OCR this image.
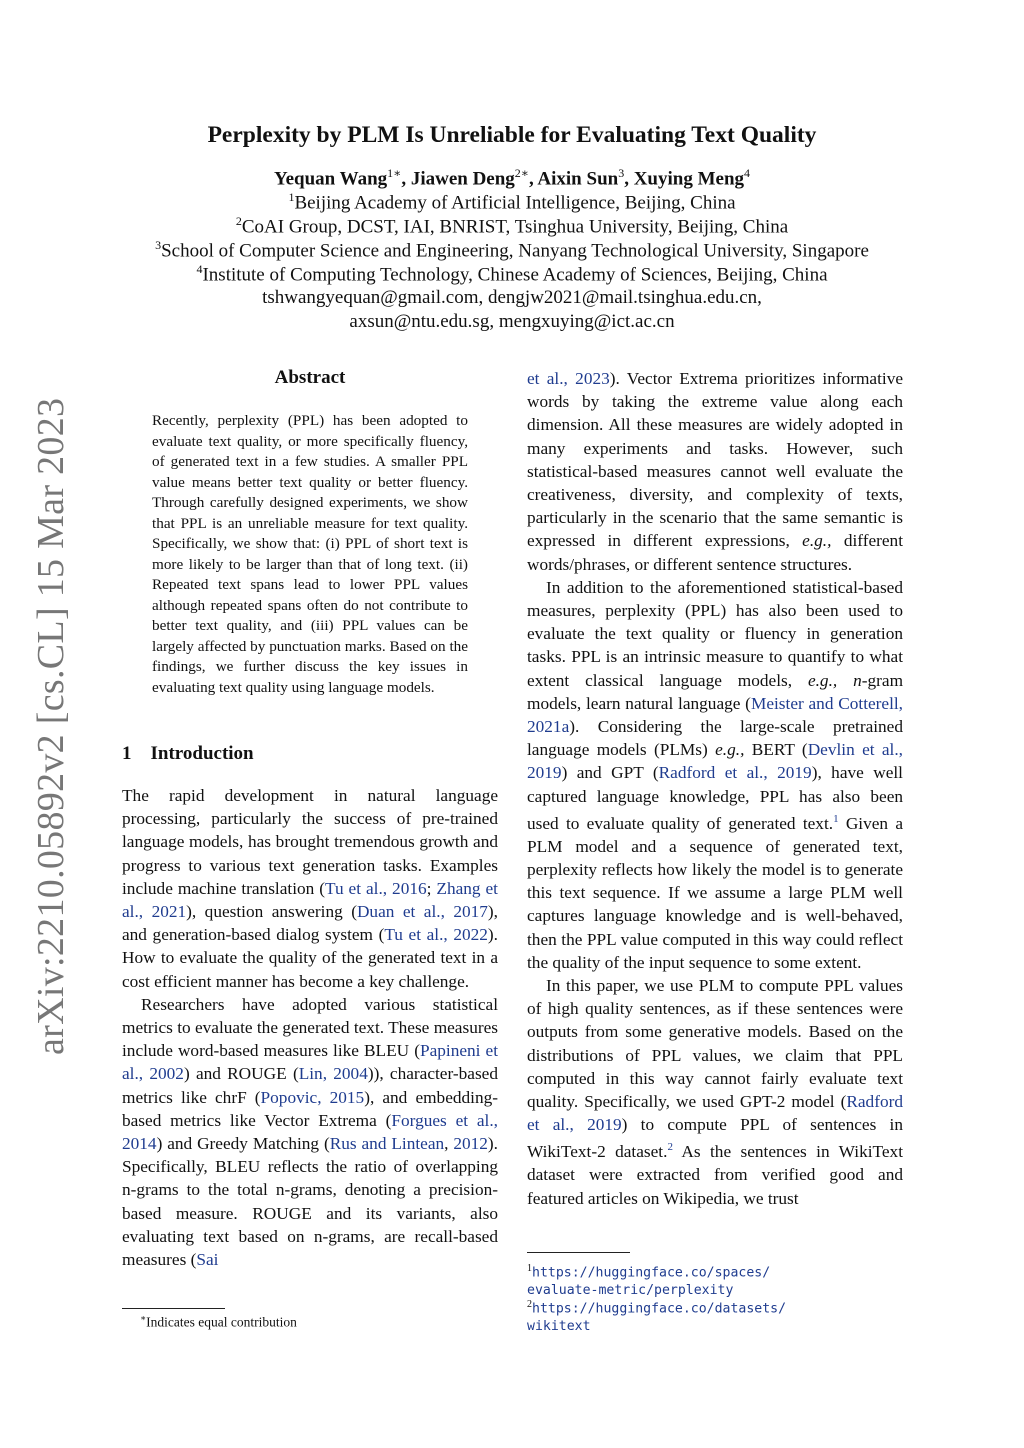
arXiv:2210.05892v2 [cs.CL] 15 Mar 2023
Perplexity by PLM Is Unreliable for Evaluating Text Quality
Yequan Wang$^{1∗}$, Jiawen Deng$^{2∗}$, Aixin Sun$^3$, Xuying Meng$^4$
$^1$Beijing Academy of Artificial Intelligence, Beijing, China
$^2$CoAI Group, DCST, IAI, BNRIST, Tsinghua University, Beijing, China
$^3$School of Computer Science and Engineering, Nanyang Technological University, Singapore
$^4$Institute of Computing Technology, Chinese Academy of Sciences, Beijing, China
tshwangyequan@gmail.com, dengjw2021@mail.tsinghua.edu.cn,
axsun@ntu.edu.sg, mengxuying@ict.ac.cn
Abstract
Recently, perplexity (PPL) has been adopted to evaluate text quality, or more specifically fluency, of generated text in a few studies. A smaller PPL value means better text quality or better fluency. Through carefully designed experiments, we show that PPL is an unreliable measure for text quality. Specifically, we show that: (i) PPL of short text is more likely to be larger than that of long text. (ii) Repeated text spans lead to lower PPL values although repeated spans often do not contribute to better text quality, and (iii) PPL values can be largely affected by punctuation marks. Based on the findings, we further discuss the key issues in evaluating text quality using language models.
1    Introduction

The rapid development in natural language processing, particularly the success of pre-trained language models, has brought tremendous growth and progress to various text generation tasks. Examples include machine translation (Tu et al., 2016; Zhang et al., 2021), question answering (Duan et al., 2017), and generation-based dialog system (Tu et al., 2022). How to evaluate the quality of the generated text in a cost efficient manner has become a key challenge.

Researchers have adopted various statistical metrics to evaluate the generated text. These measures include word-based measures like BLEU (Papineni et al., 2002) and ROUGE (Lin, 2004)), character-based metrics like chrF (Popovic, 2015), and embedding-based metrics like Vector Extrema (Forgues et al., 2014) and Greedy Matching (Rus and Lintean, 2012). Specifically, BLEU reflects the ratio of overlapping n-grams to the total n-grams, denoting a precision-based measure. ROUGE and its variants, also evaluating text based on n-grams, are recall-based measures (Sai

et al., 2023). Vector Extrema prioritizes informative words by taking the extreme value along each dimension. All these measures are widely adopted in many experiments and tasks. However, such statistical-based measures cannot well evaluate the creativeness, diversity, and complexity of texts, particularly in the scenario that the same semantic is expressed in different expressions, e.g., different words/phrases, or different sentence structures.

In addition to the aforementioned statistical-based measures, perplexity (PPL) has also been used to evaluate the text quality or fluency in generation tasks. PPL is an intrinsic measure to quantify to what extent classical language models, e.g., n-gram models, learn natural language (Meister and Cotterell, 2021a). Considering the large-scale pretrained language models (PLMs) e.g., BERT (Devlin et al., 2019) and GPT (Radford et al., 2019), have well captured language knowledge, PPL has also been used to evaluate quality of generated text.$^1$ Given a PLM model and a sequence of generated text, perplexity reflects how likely the model is to generate this text sequence. If we assume a large PLM well captures language knowledge and is well-behaved, then the PPL value computed in this way could reflect the quality of the input sequence to some extent.

In this paper, we use PLM to compute PPL values of high quality sentences, as if these sentences were outputs from some generative models. Based on the distributions of PPL values, we claim that PPL computed in this way cannot fairly evaluate text quality. Specifically, we used GPT-2 model (Radford et al., 2019) to compute PPL of sentences in WikiText-2 dataset.$^2$ As the sentences in WikiText dataset were extracted from verified good and featured articles on Wikipedia, we trust

∗Indicates equal contribution
$^1$https://huggingface.co/spaces/
evaluate-metric/perplexity
$^2$https://huggingface.co/datasets/
wikitext
